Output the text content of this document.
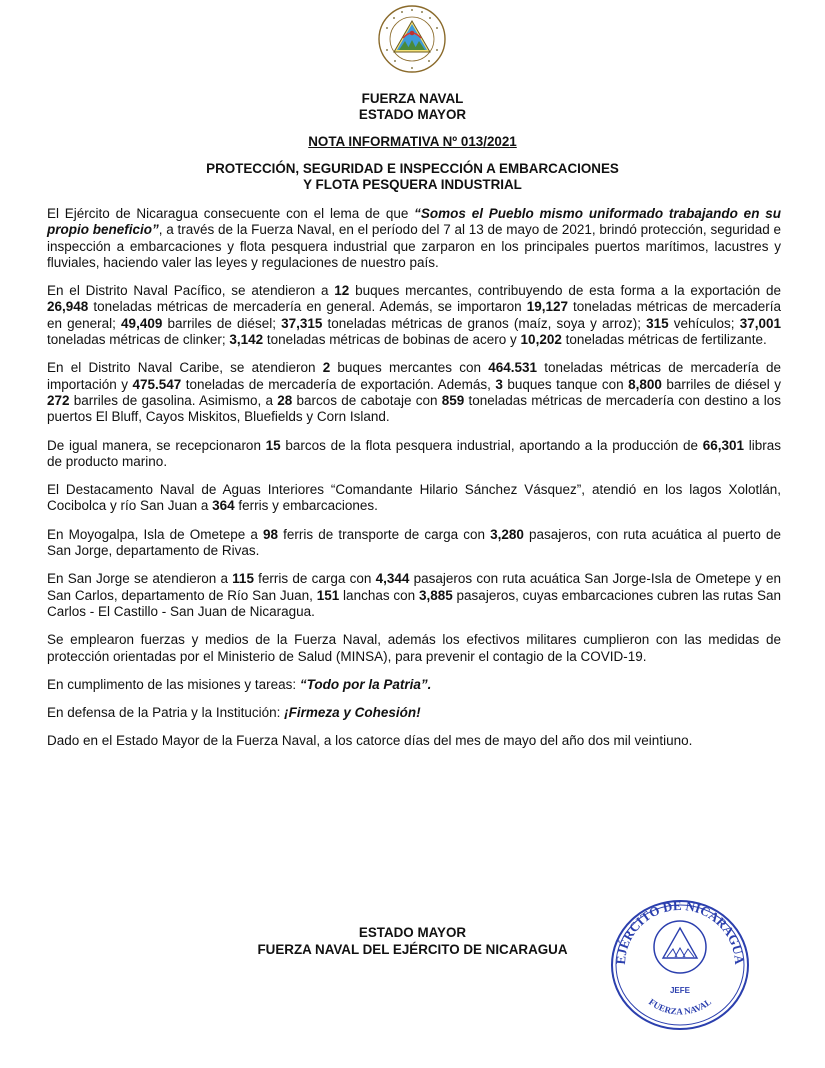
FUERZA NAVAL
ESTADO MAYOR
NOTA INFORMATIVA Nº 013/2021
PROTECCIÓN, SEGURIDAD E INSPECCIÓN A EMBARCACIONES
Y FLOTA PESQUERA INDUSTRIAL

El Ejército de Nicaragua consecuente con el lema de que “Somos el Pueblo mismo uniformado trabajando en su propio beneficio”, a través de la Fuerza Naval, en el período del 7 al 13 de mayo de 2021, brindó protección, seguridad e inspección a embarcaciones y flota pesquera industrial que zarparon en los principales puertos marítimos, lacustres y fluviales, haciendo valer las leyes y regulaciones de nuestro país.

En el Distrito Naval Pacífico, se atendieron a 12 buques mercantes, contribuyendo de esta forma a la exportación de 26,948 toneladas métricas de mercadería en general. Además, se importaron 19,127 toneladas métricas de mercadería en general; 49,409 barriles de diésel; 37,315 toneladas métricas de granos (maíz, soya y arroz); 315 vehículos; 37,001 toneladas métricas de clinker; 3,142 toneladas métricas de bobinas de acero y 10,202 toneladas métricas de fertilizante.

En el Distrito Naval Caribe, se atendieron 2 buques mercantes con 464.531 toneladas métricas de mercadería de importación y 475.547 toneladas de mercadería de exportación. Además, 3 buques tanque con 8,800 barriles de diésel y 272 barriles de gasolina. Asimismo, a 28 barcos de cabotaje con 859 toneladas métricas de mercadería con destino a los puertos El Bluff, Cayos Miskitos, Bluefields y Corn Island.

De igual manera, se recepcionaron 15 barcos de la flota pesquera industrial, aportando a la producción de 66,301 libras de producto marino.

El Destacamento Naval de Aguas Interiores “Comandante Hilario Sánchez Vásquez”, atendió en los lagos Xolotlán, Cocibolca y río San Juan a 364 ferris y embarcaciones.

En Moyogalpa, Isla de Ometepe a 98 ferris de transporte de carga con 3,280 pasajeros, con ruta acuática al puerto de San Jorge, departamento de Rivas.

En San Jorge se atendieron a 115 ferris de carga con 4,344 pasajeros con ruta acuática San Jorge-Isla de Ometepe y en San Carlos, departamento de Río San Juan, 151 lanchas con 3,885 pasajeros, cuyas embarcaciones cubren las rutas San Carlos - El Castillo - San Juan de Nicaragua.

Se emplearon fuerzas y medios de la Fuerza Naval, además los efectivos militares cumplieron con las medidas de protección orientadas por el Ministerio de Salud (MINSA), para prevenir el contagio de la COVID-19.

En cumplimento de las misiones y tareas: “Todo por la Patria”.

En defensa de la Patria y la Institución: ¡Firmeza y Cohesión!

Dado en el Estado Mayor de la Fuerza Naval, a los catorce días del mes de mayo del año dos mil veintiuno.

ESTADO MAYOR
FUERZA NAVAL DEL EJÉRCITO DE NICARAGUA
EJÉRCITO DE NICARAGUA
FUERZA NAVAL
JEFE
